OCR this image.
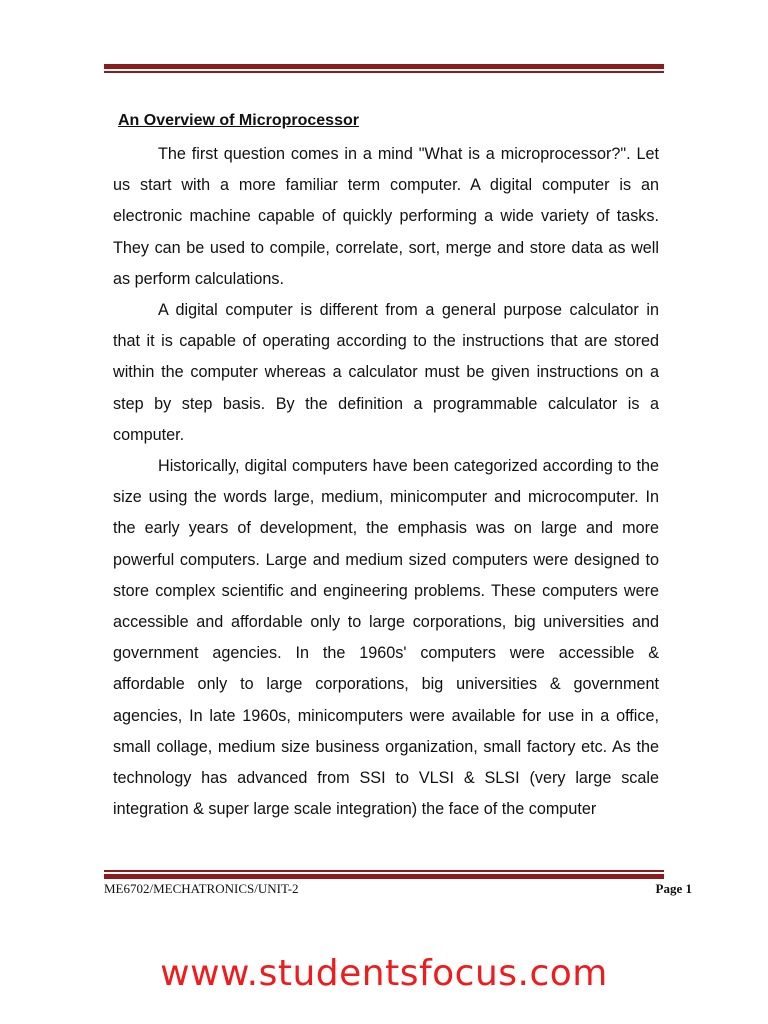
An Overview of Microprocessor

The first question comes in a mind "What is a microprocessor?". Let us start with a more familiar term computer. A digital computer is an electronic machine capable of quickly performing a wide variety of tasks. They can be used to compile, correlate, sort, merge and store data as well as perform calculations.

A digital computer is different from a general purpose calculator in that it is capable of operating according to the instructions that are stored within the computer whereas a calculator must be given instructions on a step by step basis. By the definition a programmable calculator is a computer.

Historically, digital computers have been categorized according to the size using the words large, medium, minicomputer and microcomputer. In the early years of development, the emphasis was on large and more powerful computers. Large and medium sized computers were designed to store complex scientific and engineering problems. These computers were accessible and affordable only to large corporations, big universities and government agencies. In the 1960s' computers were accessible & affordable only to large corporations, big universities & government agencies, In late 1960s, minicomputers were available for use in a office, small collage, medium size business organization, small factory etc. As the technology has advanced from SSI to VLSI & SLSI (very large scale integration & super large scale integration) the face of the computer

ME6702/MECHATRONICS/UNIT-2	Page 1
www.studentsfocus.com
